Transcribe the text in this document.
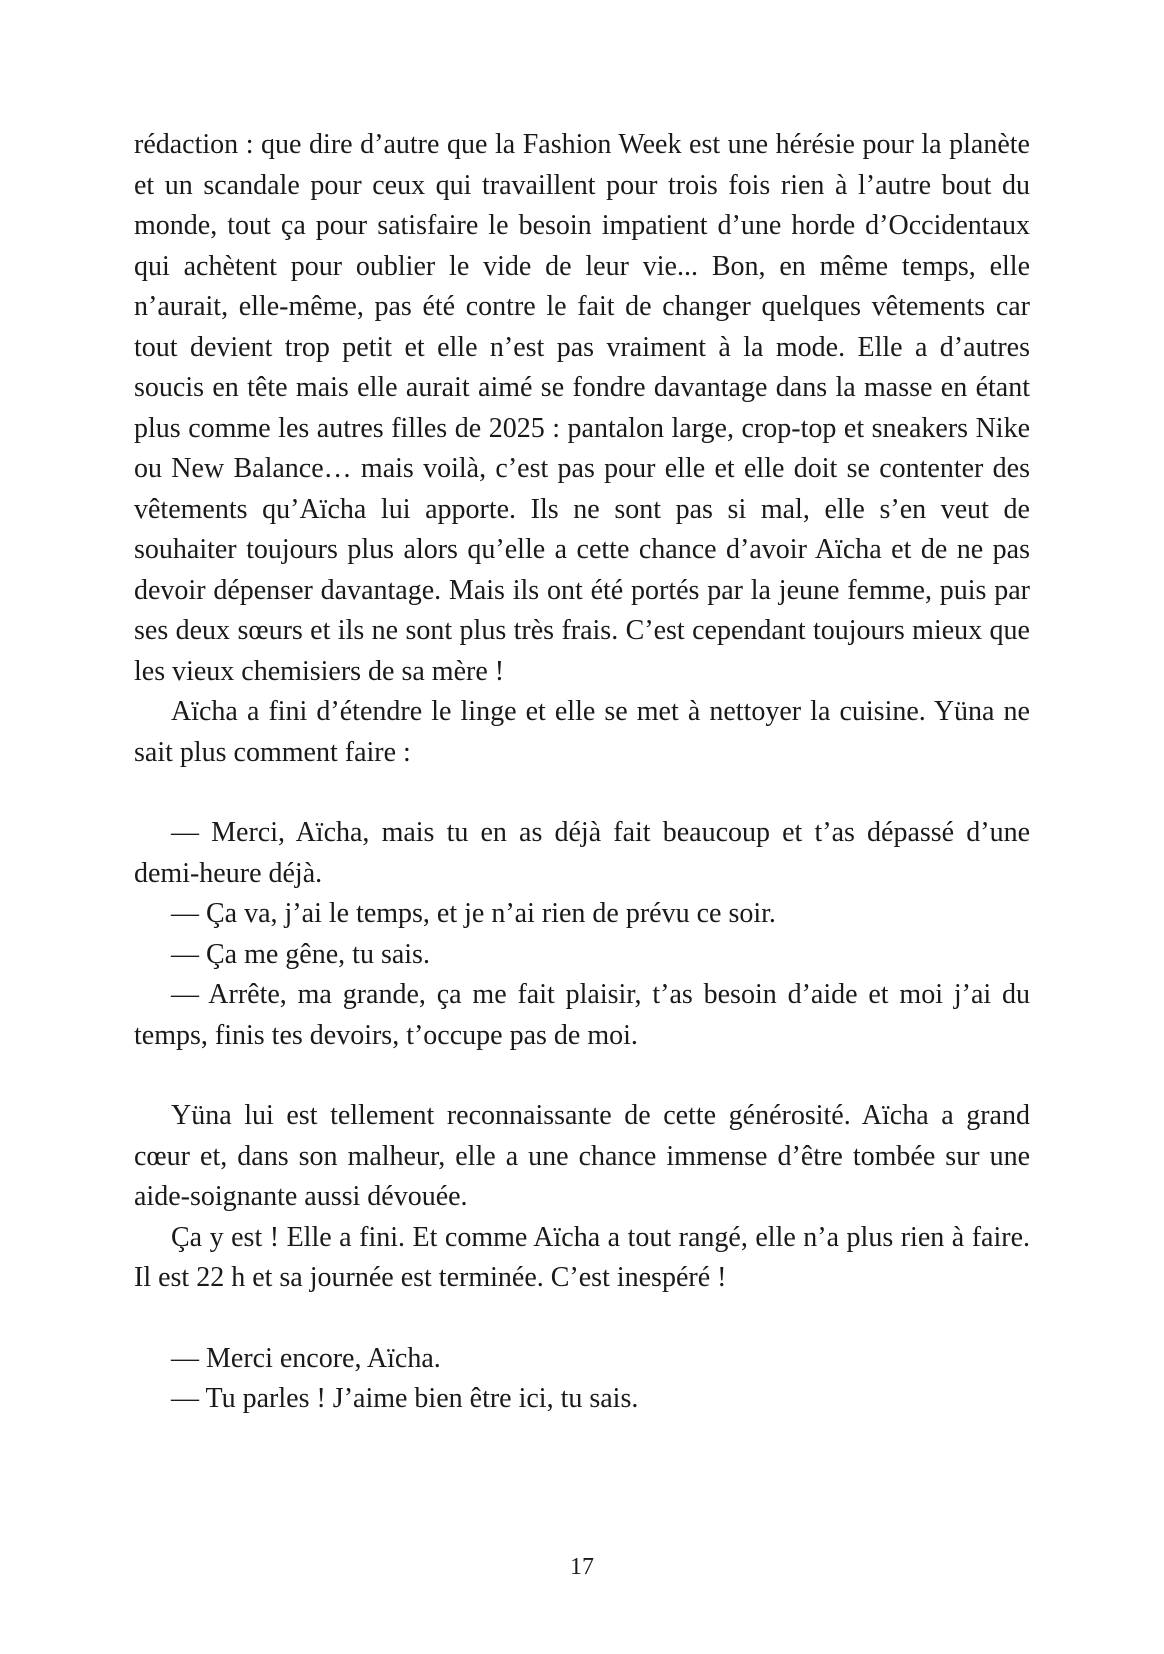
rédaction : que dire d’autre que la Fashion Week est une hérésie pour la planète et un scandale pour ceux qui travaillent pour trois fois rien à l’autre bout du monde, tout ça pour satisfaire le besoin impatient d’une horde d’Occidentaux qui achètent pour oublier le vide de leur vie... Bon, en même temps, elle n’aurait, elle-même, pas été contre le fait de changer quelques vêtements car tout devient trop petit et elle n’est pas vraiment à la mode. Elle a d’autres soucis en tête mais elle aurait aimé se fondre davantage dans la masse en étant plus comme les autres filles de 2025 : pantalon large, crop-top et sneakers Nike ou New Balance… mais voilà, c’est pas pour elle et elle doit se contenter des vêtements qu’Aïcha lui apporte. Ils ne sont pas si mal, elle s’en veut de souhaiter toujours plus alors qu’elle a cette chance d’avoir Aïcha et de ne pas devoir dépenser davantage. Mais ils ont été portés par la jeune femme, puis par ses deux sœurs et ils ne sont plus très frais. C’est cependant toujours mieux que les vieux chemisiers de sa mère !

Aïcha a fini d’étendre le linge et elle se met à nettoyer la cuisine. Yüna ne sait plus comment faire :

— Merci, Aïcha, mais tu en as déjà fait beaucoup et t’as dépassé d’une demi-heure déjà.

— Ça va, j’ai le temps, et je n’ai rien de prévu ce soir.

— Ça me gêne, tu sais.

— Arrête, ma grande, ça me fait plaisir, t’as besoin d’aide et moi j’ai du temps, finis tes devoirs, t’occupe pas de moi.

Yüna lui est tellement reconnaissante de cette générosité. Aïcha a grand cœur et, dans son malheur, elle a une chance immense d’être tombée sur une aide-soignante aussi dévouée.

Ça y est ! Elle a fini. Et comme Aïcha a tout rangé, elle n’a plus rien à faire. Il est 22 h et sa journée est terminée. C’est inespéré !

— Merci encore, Aïcha.

— Tu parles ! J’aime bien être ici, tu sais.

17
